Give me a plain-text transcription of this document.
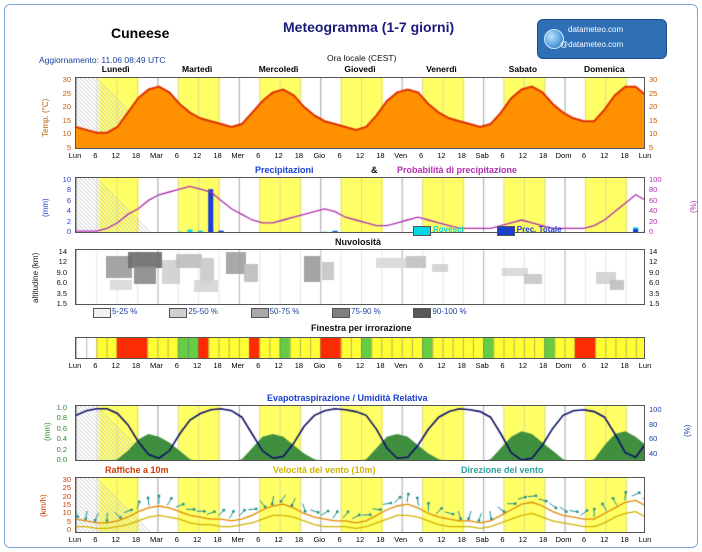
Cuneese	Meteogramma (1-7 giorni)
Aggiornamento: 11.06 08:49 UTC	Ora locale (CEST)
datameteo.com
@datameteo.com
Lunedì	Martedì	Mercoledì	Giovedì	Venerdì	Sabato	Domenica
Temp. (°C)
30
25
20
15
10
5
30
25
20
15
10
5
Lun	6	12	18	Mar	6	12	18	Mer	6	12	18	Gio	6	12	18	Ven	6	12	18	Sab	6	12	18	Dom	6	12	18	Lun
Precipitazioni	& Probabilità di precipitazione
(mm)	(%)
10
8
6
4
2
0
100
80
60
40
20
0
Rovesci	Prec. Totale
Nuvolosità
altitudine (km)
14
12
9.0
6.0
3.5
1.5
14
12
9.0
6.0
3.5
1.5
5-25 %	25-50 %	50-75 %	75-90 %	90-100 %
Finestra per irrorazione
Lun	6	12	18	Mar	6	12	18	Mer	6	12	18	Gio	6	12	18	Ven	6	12	18	Sab	6	12	18	Dom	6	12	18	Lun
Evapotraspirazione / Umidità Relativa
(mm)	(%)
1.0
0.8
0.6
0.4
0.2
0.0
100
80
60
40
Raffiche a 10m	Velocità del vento (10m)	Direzione del vento
(km/h)
30
25
20
15
10
5
0
Lun	6	12	18	Mar	6	12	18	Mer	6	12	18	Gio	6	12	18	Ven	6	12	18	Sab	6	12	18	Dom	6	12	18	Lun
